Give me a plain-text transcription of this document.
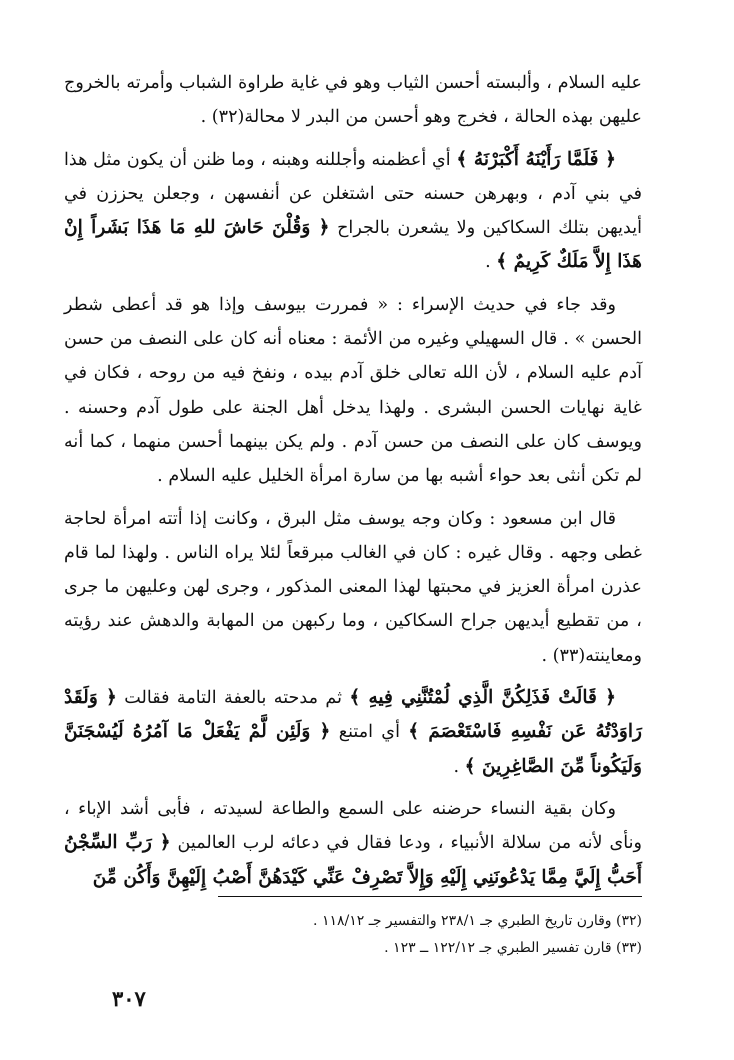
عليه السلام ، وألبسته أحسن الثياب وهو في غاية طراوة الشباب وأمرته بالخروج عليهن بهذه الحالة ، فخرج وهو أحسن من البدر لا محالة(٣٢) .

﴿ فَلَمَّا رَأَيْنَهُ أَكْبَرْنَهُ ﴾ أي أعظمنه وأجللنه وهبنه ، وما ظنن أن يكون مثل هذا في بني آدم ، وبهرهن حسنه حتى اشتغلن عن أنفسهن ، وجعلن يحززن في أيديهن بتلك السكاكين ولا يشعرن بالجراح ﴿ وَقُلْنَ حَاشَ للهِ مَا هَذَا بَشَراً إِنْ هَذَا إِلاَّ مَلَكٌ كَرِيمٌ ﴾ .

وقد جاء في حديث الإسراء : « فمررت بيوسف وإذا هو قد أعطى شطر الحسن » . قال السهيلي وغيره من الأئمة : معناه أنه كان على النصف من حسن آدم عليه السلام ، لأن الله تعالى خلق آدم بيده ، ونفخ فيه من روحه ، فكان في غاية نهايات الحسن البشرى . ولهذا يدخل أهل الجنة على طول آدم وحسنه . ويوسف كان على النصف من حسن آدم . ولم يكن بينهما أحسن منهما ، كما أنه لم تكن أنثى بعد حواء أشبه بها من سارة امرأة الخليل عليه السلام .

قال ابن مسعود : وكان وجه يوسف مثل البرق ، وكانت إذا أتته امرأة لحاجة غطى وجهه . وقال غيره : كان في الغالب مبرقعاً لئلا يراه الناس . ولهذا لما قام عذرن امرأة العزيز في محبتها لهذا المعنى المذكور ، وجرى لهن وعليهن ما جرى ، من تقطيع أيديهن جراح السكاكين ، وما ركبهن من المهابة والدهش عند رؤيته ومعاينته(٣٣) .

﴿ قَالَتْ فَذَلِكُنَّ الَّذِي لُمْتُنَّنِي فِيهِ ﴾ ثم مدحته بالعفة التامة فقالت ﴿ وَلَقَدْ رَاوَدْتُهُ عَن نَفْسِهِ فَاسْتَعْصَمَ ﴾ أي امتنع ﴿ وَلَئِن لَّمْ يَفْعَلْ مَا آمُرُهُ لَيُسْجَنَنَّ وَلَيَكُوناً مِّنَ الصَّاغِرِينَ ﴾ .

وكان بقية النساء حرضنه على السمع والطاعة لسيدته ، فأبى أشد الإباء ، ونأى لأنه من سلالة الأنبياء ، ودعا فقال في دعائه لرب العالمين ﴿ رَبِّ السِّجْنُ أَحَبُّ إِلَيَّ مِمَّا يَدْعُونَنِي إِلَيْهِ وَإِلاَّ تَصْرِفْ عَنِّي كَيْدَهُنَّ أَصْبُ إِلَيْهِنَّ وَأَكُن مِّنَ

(٣٢) وقارن تاريخ الطبري جـ ٢٣٨/١ والتفسير جـ ١١٨/١٢ .

(٣٣) قارن تفسير الطبري جـ ١٢٢/١٢ ــ ١٢٣ .

٣٠٧
